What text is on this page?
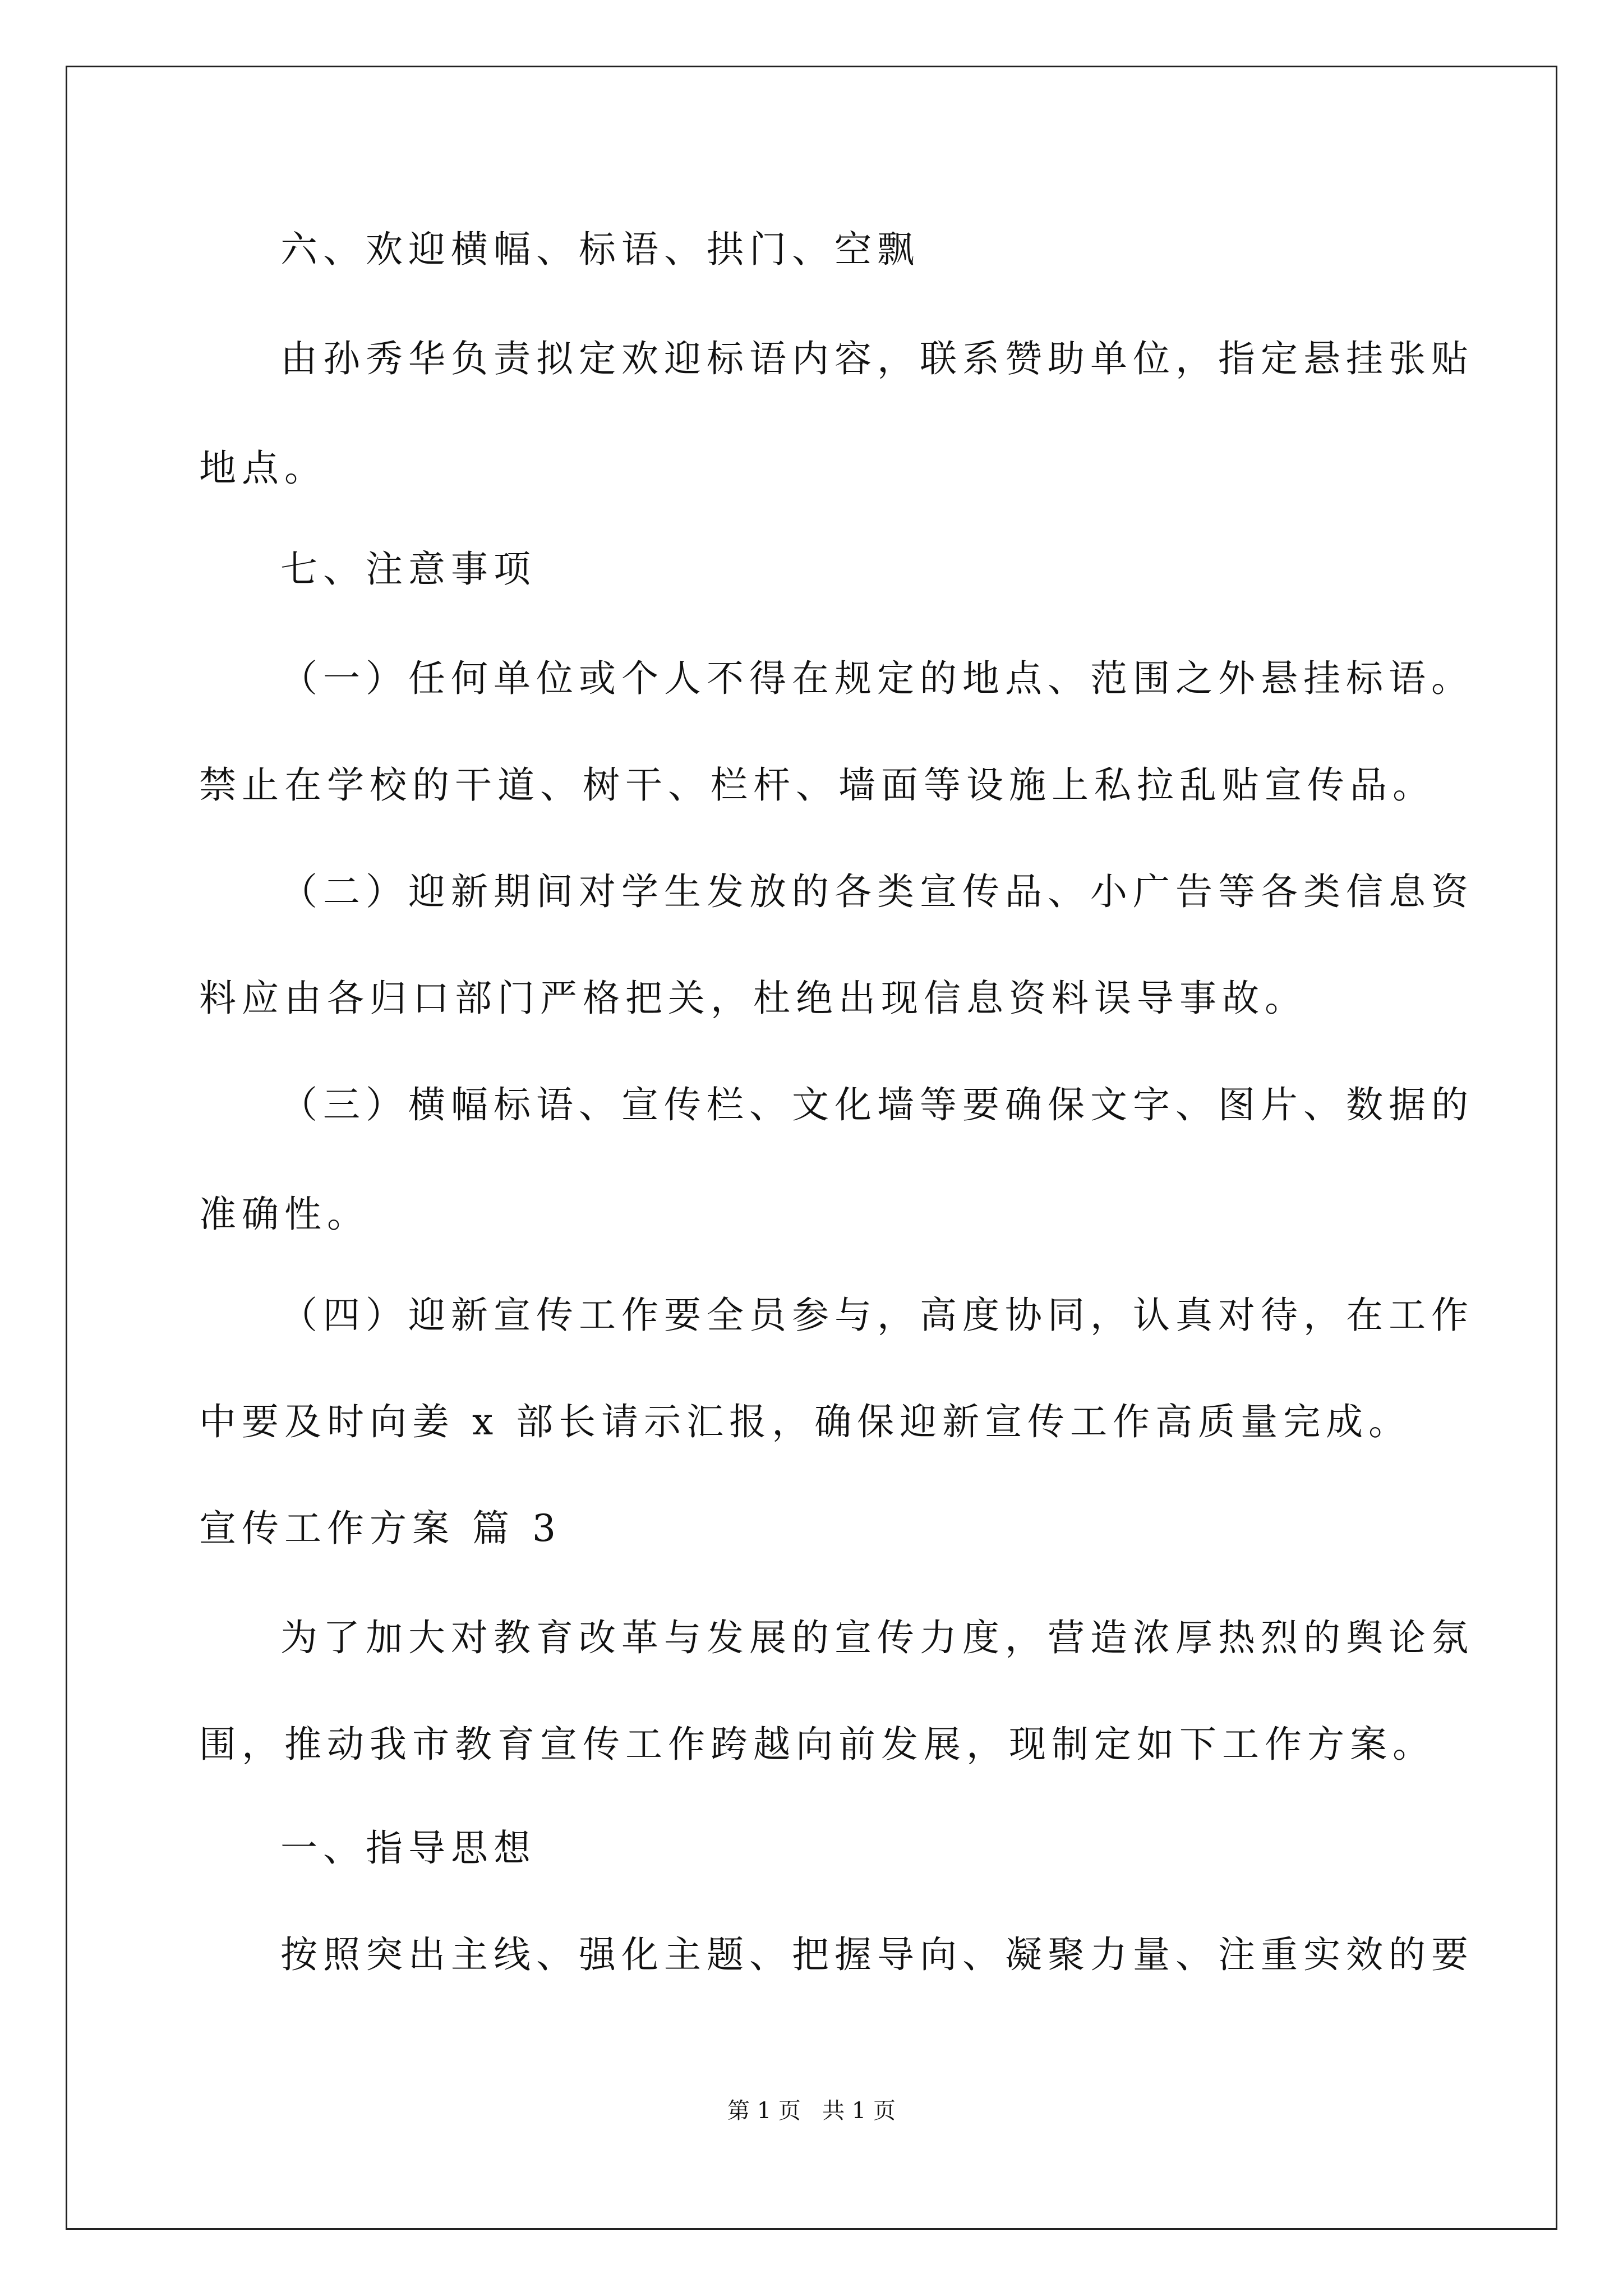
六、欢迎横幅、标语、拱门、空飘
由孙秀华负责拟定欢迎标语内容，联系赞助单位，指定悬挂张贴
地点。
七、注意事项
（一）任何单位或个人不得在规定的地点、范围之外悬挂标语。
禁止在学校的干道、树干、栏杆、墙面等设施上私拉乱贴宣传品。
（二）迎新期间对学生发放的各类宣传品、小广告等各类信息资
料应由各归口部门严格把关，杜绝出现信息资料误导事故。
（三）横幅标语、宣传栏、文化墙等要确保文字、图片、数据的
准确性。
（四）迎新宣传工作要全员参与，高度协同，认真对待，在工作
中要及时向姜 x 部长请示汇报，确保迎新宣传工作高质量完成。
宣传工作方案 篇 3
为了加大对教育改革与发展的宣传力度，营造浓厚热烈的舆论氛
围，推动我市教育宣传工作跨越向前发展，现制定如下工作方案。
一、指导思想
按照突出主线、强化主题、把握导向、凝聚力量、注重实效的要
第 1 页   共 1 页
